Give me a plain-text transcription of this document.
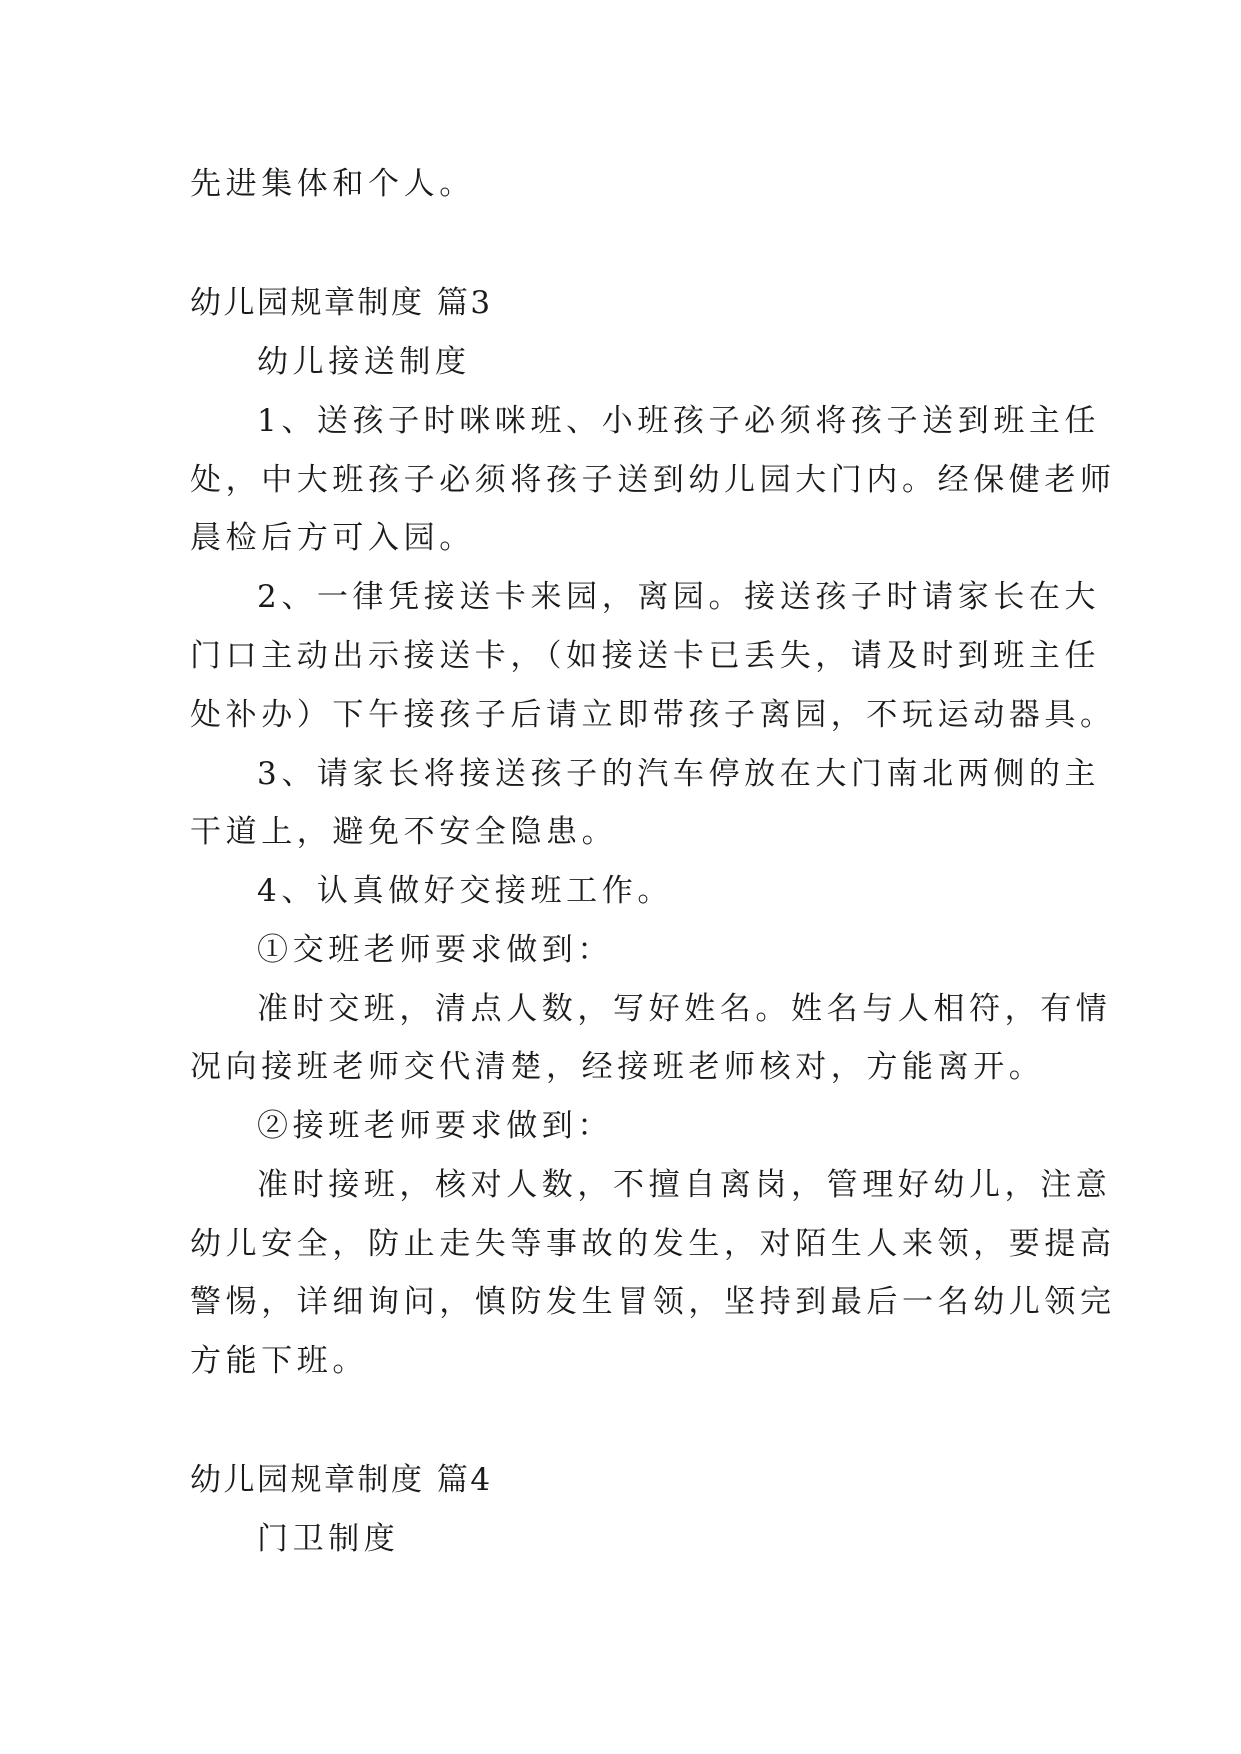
先进集体和个人。
幼儿园规章制度 篇3
幼儿接送制度
1、送孩子时咪咪班、小班孩子必须将孩子送到班主任
处，中大班孩子必须将孩子送到幼儿园大门内。经保健老师
晨检后方可入园。
2、一律凭接送卡来园，离园。接送孩子时请家长在大
门口主动出示接送卡，（如接送卡已丢失，请及时到班主任
处补办）下午接孩子后请立即带孩子离园，不玩运动器具。
3、请家长将接送孩子的汽车停放在大门南北两侧的主
干道上，避免不安全隐患。
4、认真做好交接班工作。
①交班老师要求做到：
准时交班，清点人数，写好姓名。姓名与人相符，有情
况向接班老师交代清楚，经接班老师核对，方能离开。
②接班老师要求做到：
准时接班，核对人数，不擅自离岗，管理好幼儿，注意
幼儿安全，防止走失等事故的发生，对陌生人来领，要提高
警惕，详细询问，慎防发生冒领，坚持到最后一名幼儿领完
方能下班。
幼儿园规章制度 篇4
门卫制度
